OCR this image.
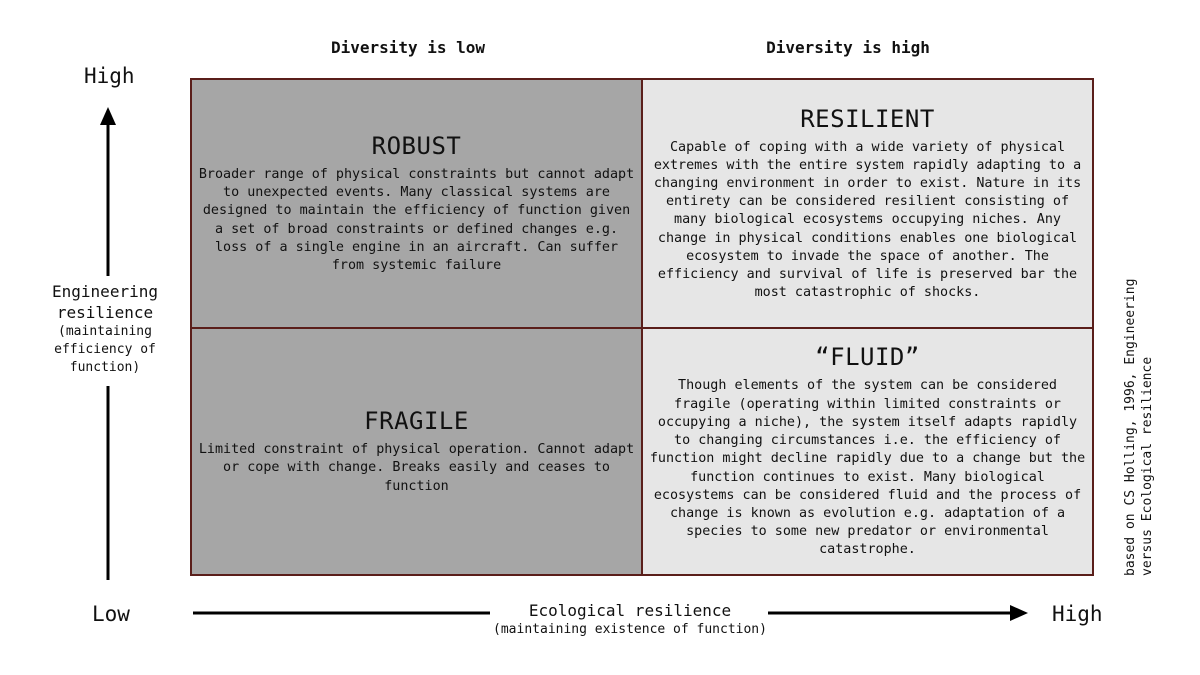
Diversity is low	Diversity is high
High
Low	High
Engineering resilience
(maintaining efficiency of function)
Ecological resilience
(maintaining existence of function)
ROBUST
Broader range of physical constraints but cannot adapt to unexpected events. Many classical systems are designed to maintain the efficiency of function given a set of broad constraints or defined changes e.g. loss of a single engine in an aircraft. Can suffer from systemic failure
RESILIENT
Capable of coping with a wide variety of physical extremes with the entire system rapidly adapting to a changing environment in order to exist. Nature in its entirety can be considered resilient consisting of many biological ecosystems occupying niches. Any change in physical conditions enables one biological ecosystem to invade the space of another. The efficiency and survival of life is preserved bar the most catastrophic of shocks.
FRAGILE
Limited constraint of physical operation. Cannot adapt or cope with change. Breaks easily and ceases to function
“FLUID”
Though elements of the system can be considered fragile (operating within limited constraints or occupying a niche), the system itself adapts rapidly to changing circumstances i.e. the efficiency of function might decline rapidly due to a change but the function continues to exist. Many biological ecosystems can be considered fluid and the process of change is known as evolution e.g. adaptation of a species to some new predator or environmental catastrophe.	based on CS Holling, 1996, Engineering versus Ecological resilience
